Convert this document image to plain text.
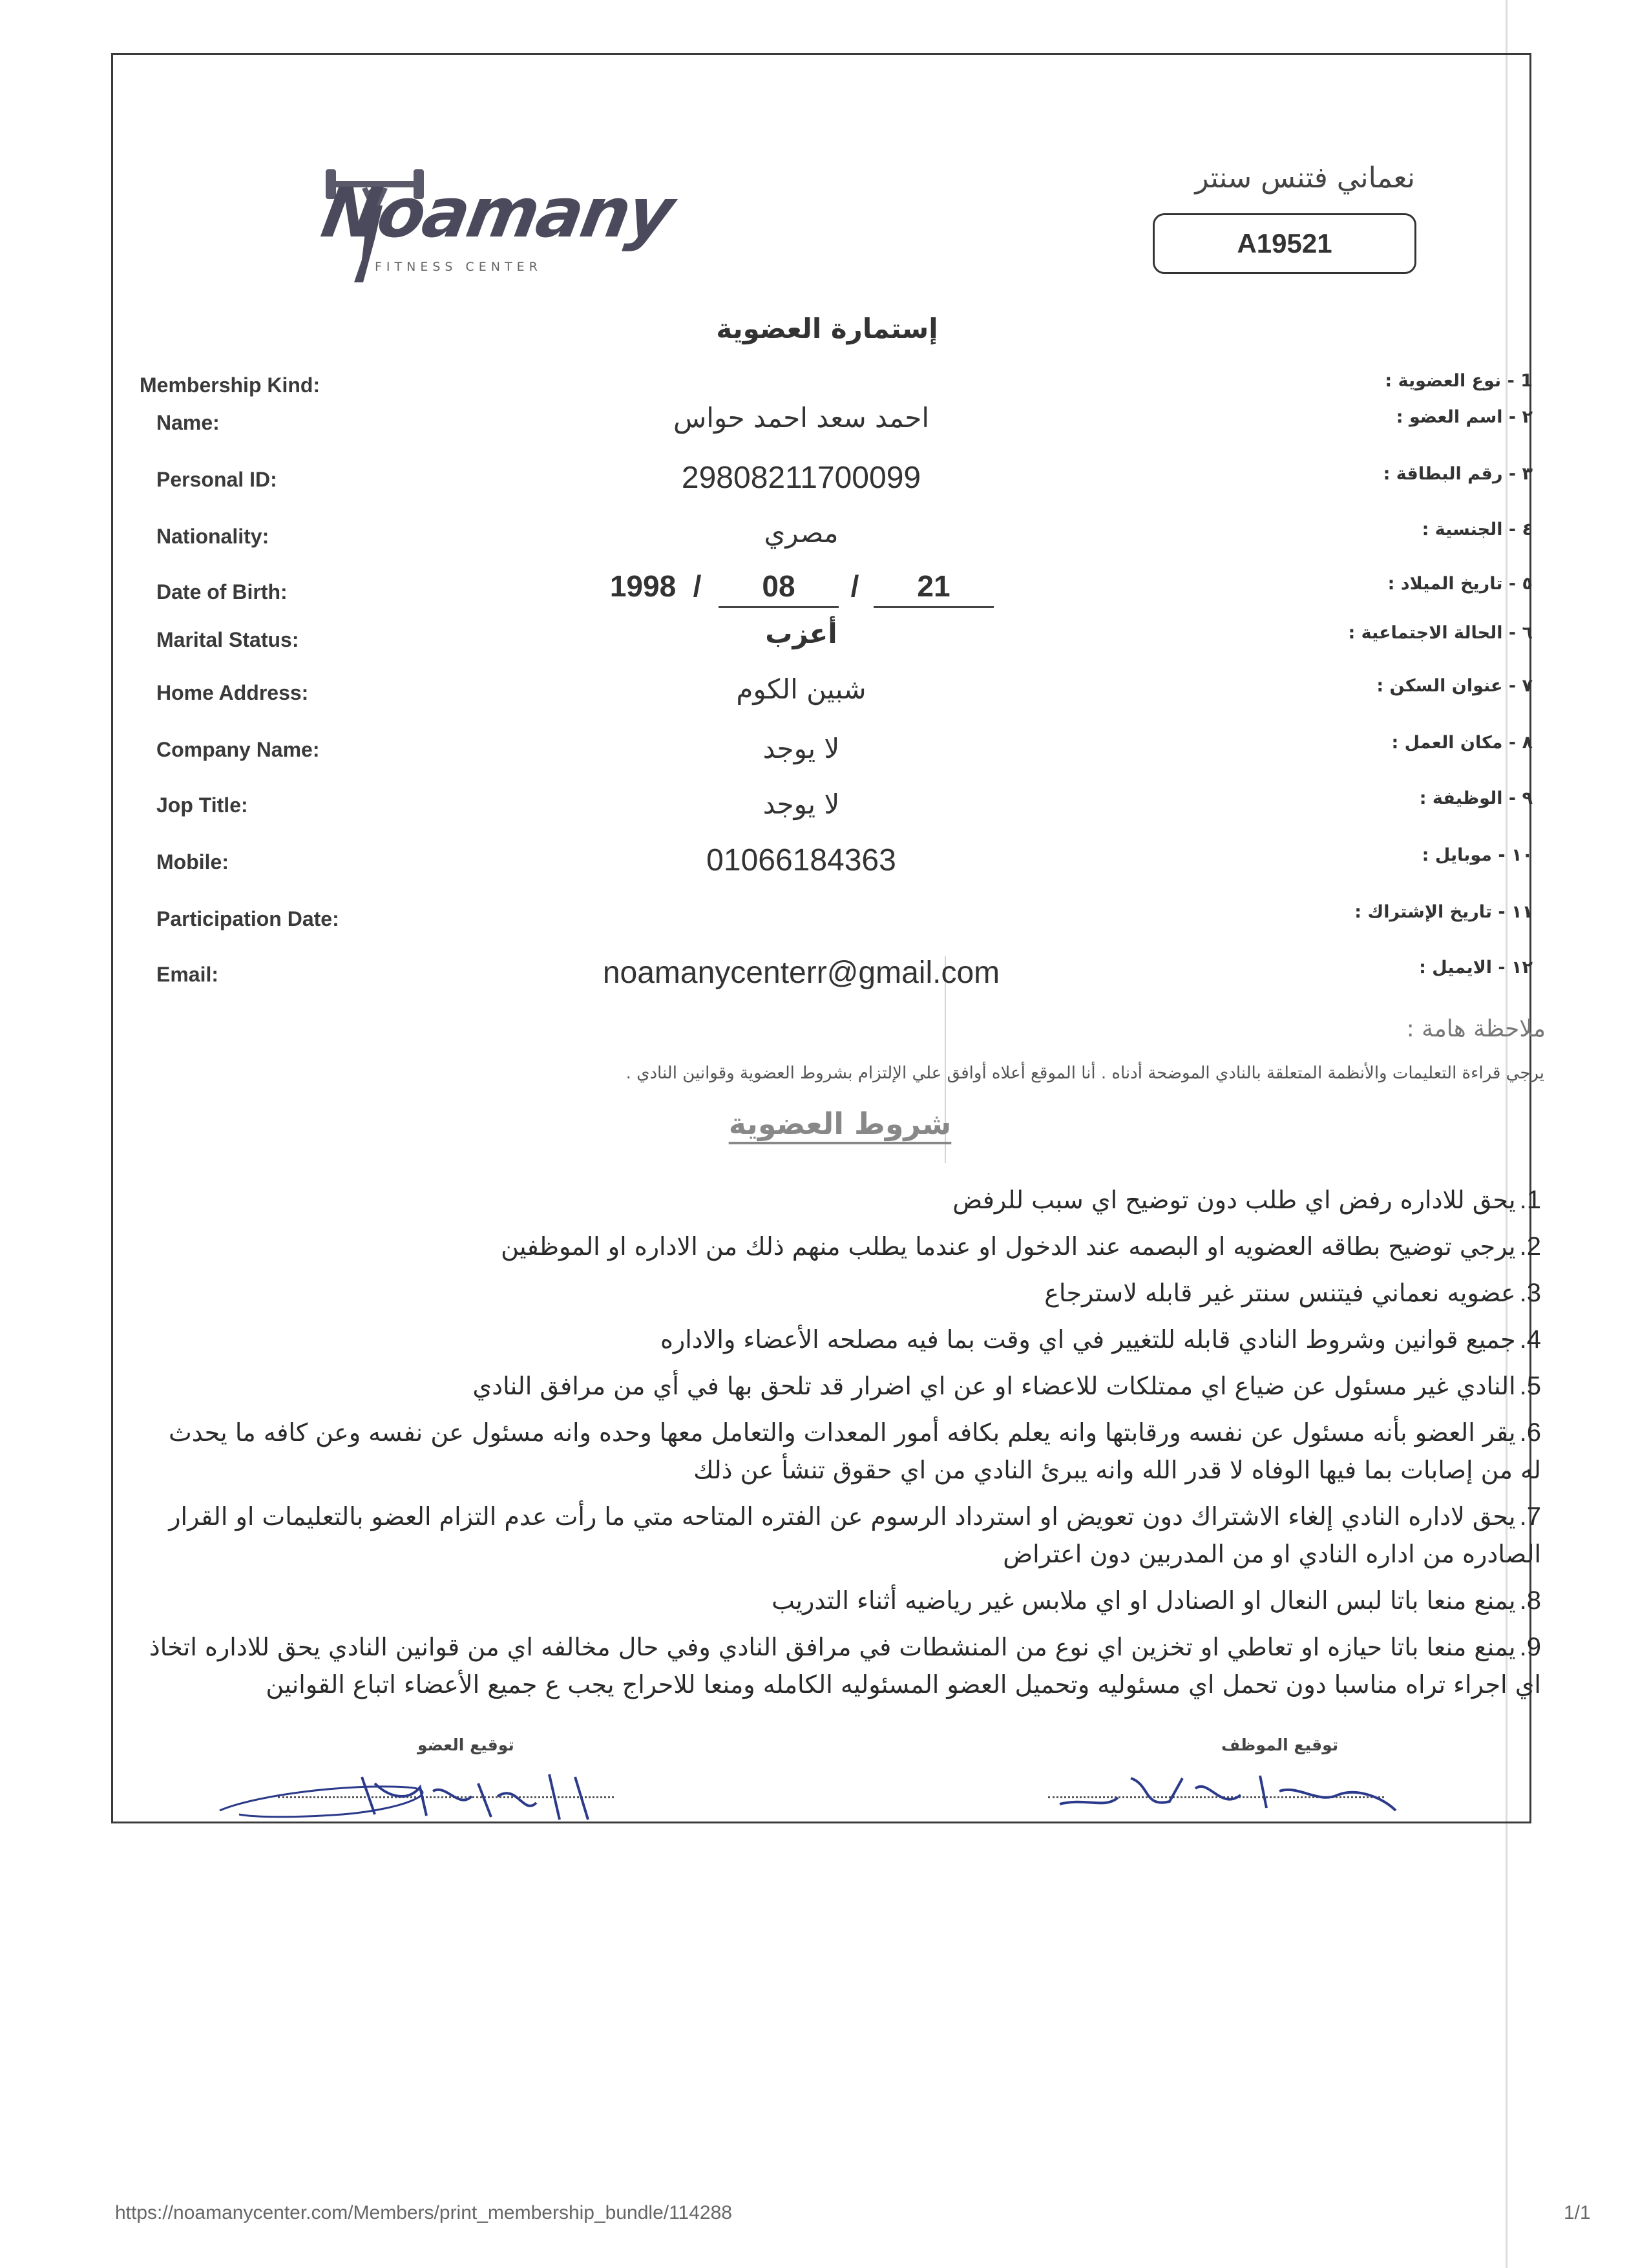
Noamany
FITNESS CENTER
نعماني فتنس سنتر
A19521
إستمارة العضوية
Membership Kind:	1 - نوع العضوية :
Name:	٢ - اسم العضو :
احمد سعد احمد حواس
Personal ID:	٣ - رقم البطاقة :
29808211700099
Nationality:	٤ - الجنسية :
مصري
Date of Birth:	٥ - تاريخ الميلاد :
1998 /	08	/	21
Marital Status:	٦ - الحالة الاجتماعية :
أعزب
Home Address:	٧ - عنوان السكن :
شبين الكوم
Company Name:	٨ - مكان العمل :
لا يوجد
Jop Title:	٩ - الوظيفة :
لا يوجد
Mobile:	١٠ - موبايل :
01066184363
Participation Date:	١١ - تاريخ الإشتراك :
Email:	١٢ - الايميل :
noamanycenterr@gmail.com
ملاحظة هامة :
يرجي قراءة التعليمات والأنظمة المتعلقة بالنادي الموضحة أدناه . أنا الموقع أعلاه أوافق علي الإلتزام بشروط العضوية وقوانين النادي .
شروط العضوية
1.يحق للاداره رفض اي طلب دون توضيح اي سبب للرفض
2.يرجي توضيح بطاقه العضويه او البصمه عند الدخول او عندما يطلب منهم ذلك من الاداره او الموظفين
3.عضويه نعماني فيتنس سنتر غير قابله لاسترجاع
4.جميع قوانين وشروط النادي قابله للتغيير في اي وقت بما فيه مصلحه الأعضاء والاداره
5.النادي غير مسئول عن ضياع اي ممتلكات للاعضاء او عن اي اضرار قد تلحق بها في أي من مرافق النادي
6.يقر العضو بأنه مسئول عن نفسه ورقابتها وانه يعلم بكافه أمور المعدات والتعامل معها وحده وانه مسئول عن نفسه وعن كافه ما يحدث له من إصابات بما فيها الوفاه لا قدر الله وانه يبرئ النادي من اي حقوق تنشأ عن ذلك
7.يحق لاداره النادي إلغاء الاشتراك دون تعويض او استرداد الرسوم عن الفتره المتاحه متي ما رأت عدم التزام العضو بالتعليمات او القرار الصادره من اداره النادي او من المدربين دون اعتراض
8.يمنع منعا باتا لبس النعال او الصنادل او اي ملابس غير رياضيه أثناء التدريب
9.يمنع منعا باتا حيازه او تعاطي او تخزين اي نوع من المنشطات في مرافق النادي وفي حال مخالفه اي من قوانين النادي يحق للاداره اتخاذ اي اجراء تراه مناسبا دون تحمل اي مسئوليه وتحميل العضو المسئوليه الكامله ومنعا للاحراج يجب ع جميع الأعضاء اتباع القوانين
توقيع العضو	توقيع الموظف
https://noamanycenter.com/Members/print_membership_bundle/114288	1/1
